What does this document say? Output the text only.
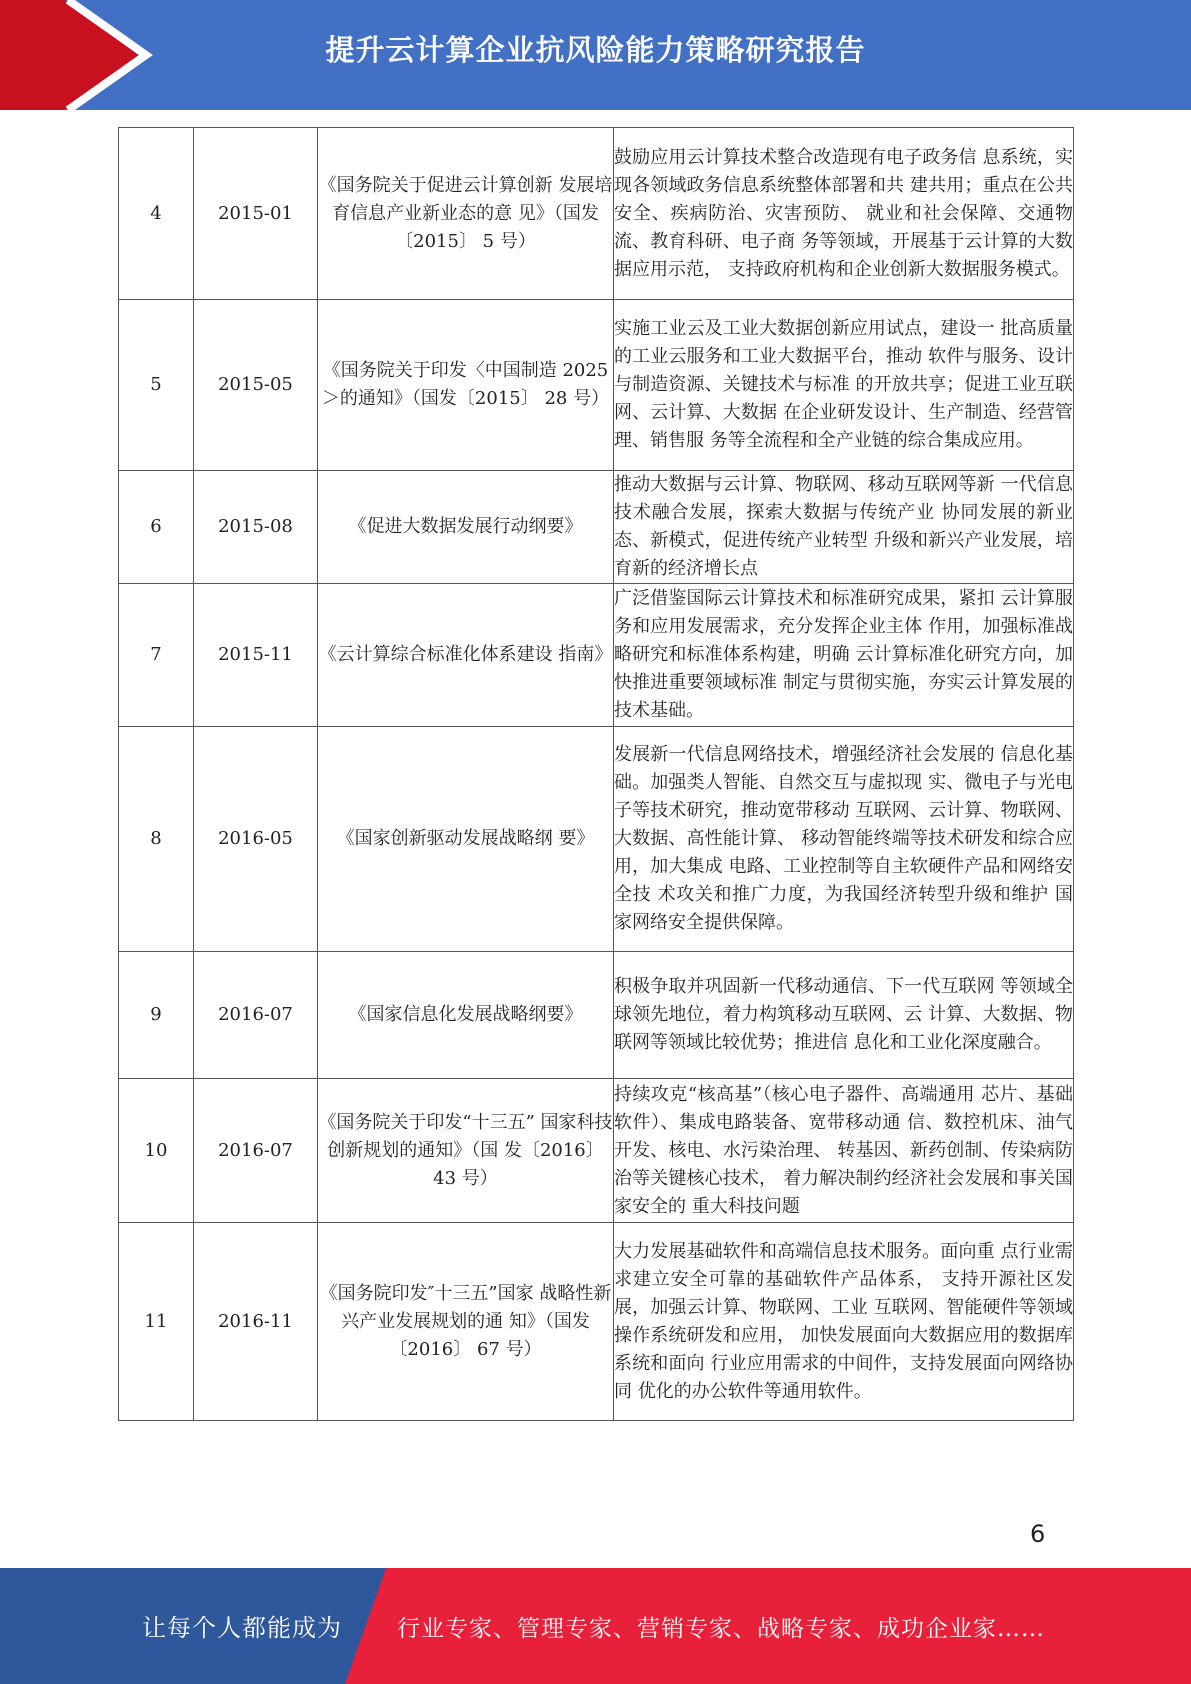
提升云计算企业抗风险能力策略研究报告
4	2015-01	《国务院关于促进云计算创新 发展培育信息产业新业态的意 见》（国发〔2015〕 5 号）	鼓励应用云计算技术整合改造现有电子政务信 息系统，实现各领域政务信息系统整体部署和共 建共用；重点在公共安全、疾病防治、灾害预防、 就业和社会保障、交通物流、教育科研、电子商 务等领域，开展基于云计算的大数据应用示范， 支持政府机构和企业创新大数据服务模式。
5	2015-05	《国务院关于印发〈中国制造 2025＞的通知》（国发〔2015〕 28 号）	实施工业云及工业大数据创新应用试点，建设一 批高质量的工业云服务和工业大数据平台，推动 软件与服务、设计与制造资源、关键技术与标准 的开放共享；促进工业互联网、云计算、大数据 在企业研发设计、生产制造、经营管理、销售服 务等全流程和全产业链的综合集成应用。
6	2015-08	《促进大数据发展行动纲要》	推动大数据与云计算、物联网、移动互联网等新 一代信息技术融合发展，探索大数据与传统产业 协同发展的新业态、新模式，促进传统产业转型 升级和新兴产业发展，培育新的经济增长点
7	2015-11	《云计算综合标准化体系建设 指南》	广泛借鉴国际云计算技术和标准研究成果，紧扣 云计算服务和应用发展需求，充分发挥企业主体 作用，加强标准战略研究和标准体系构建，明确 云计算标准化研究方向，加快推进重要领域标准 制定与贯彻实施，夯实云计算发展的技术基础。
8	2016-05	《国家创新驱动发展战略纲 要》	发展新一代信息网络技术，增强经济社会发展的 信息化基础。加强类人智能、自然交互与虚拟现 实、微电子与光电子等技术研究，推动宽带移动 互联网、云计算、物联网、大数据、高性能计算、 移动智能终端等技术研发和综合应用，加大集成 电路、工业控制等自主软硬件产品和网络安全技 术攻关和推广力度，为我国经济转型升级和维护 国家网络安全提供保障。
9	2016-07	《国家信息化发展战略纲要》	积极争取并巩固新一代移动通信、下一代互联网 等领域全球领先地位，着力构筑移动互联网、云 计算、大数据、物联网等领域比较优势；推进信 息化和工业化深度融合。
10	2016-07	《国务院关于印发“十三五” 国家科技创新规划的通知》（国 发〔2016〕 43 号）	持续攻克“核高基”（核心电子器件、高端通用 芯片、基础软件）、集成电路装备、宽带移动通 信、数控机床、油气开发、核电、水污染治理、 转基因、新药创制、传染病防治等关键核心技术， 着力解决制约经济社会发展和事关国家安全的 重大科技问题
11	2016-11	《国务院印发″十三五”国家 战略性新兴产业发展规划的通 知》（国发〔2016〕 67 号）	大力发展基础软件和高端信息技术服务。面向重 点行业需求建立安全可靠的基础软件产品体系， 支持开源社区发展，加强云计算、物联网、工业 互联网、智能硬件等领域操作系统研发和应用， 加快发展面向大数据应用的数据库系统和面向 行业应用需求的中间件，支持发展面向网络协同 优化的办公软件等通用软件。
6
让每个人都能成为 行业专家、管理专家、营销专家、战略专家、成功企业家……
